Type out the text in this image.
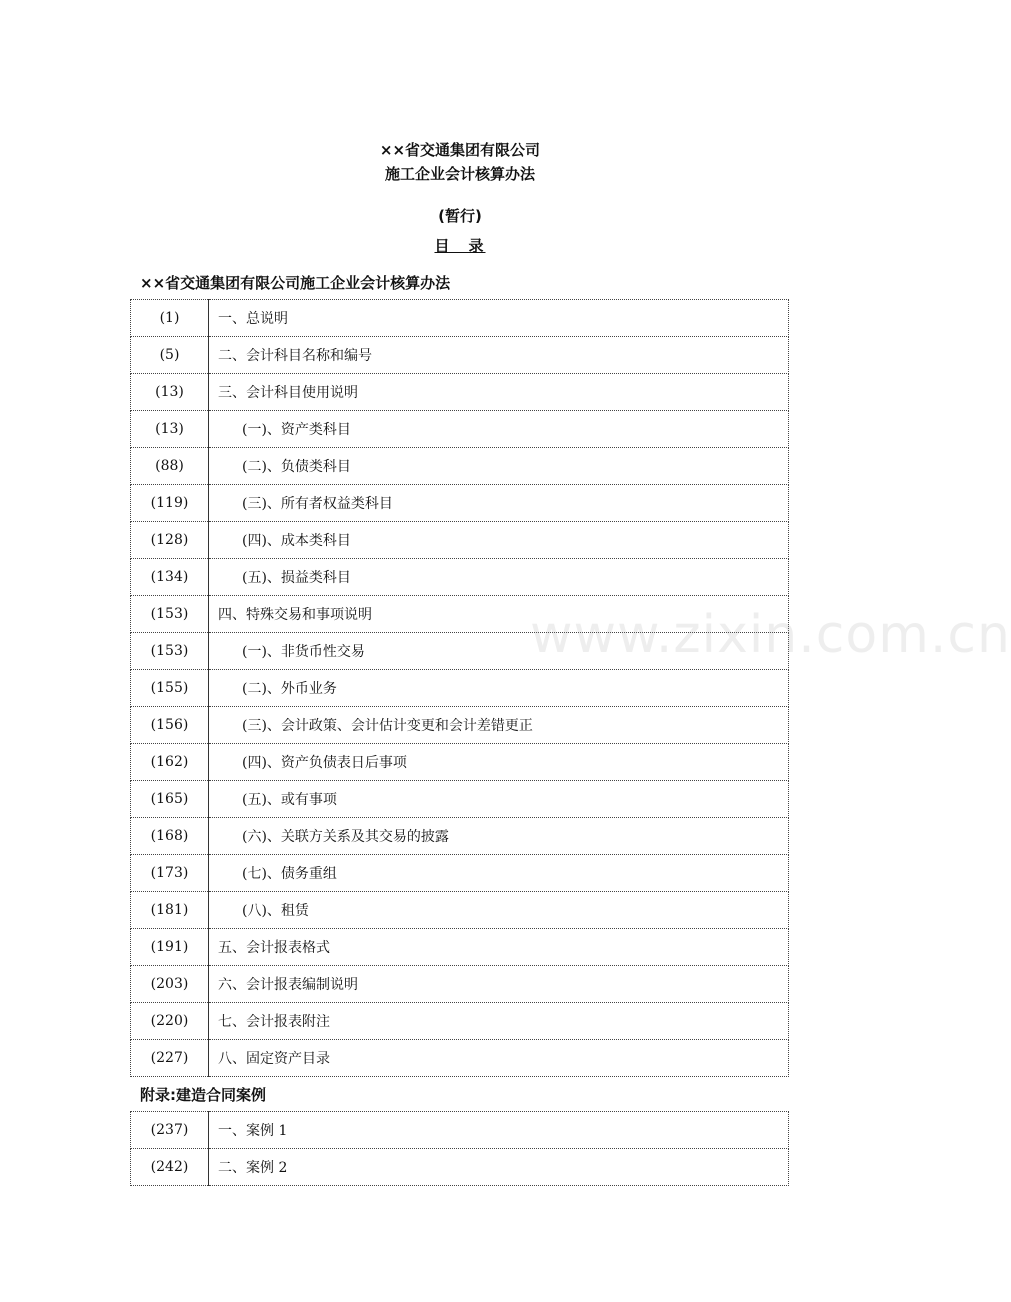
××省交通集团有限公司
施工企业会计核算办法
(暂行)
目　录
××省交通集团有限公司施工企业会计核算办法
(1)	一、总说明
(5)	二、会计科目名称和编号
(13)	三、会计科目使用说明
(13)	(一)、资产类科目
(88)	(二)、负债类科目
(119)	(三)、所有者权益类科目
(128)	(四)、成本类科目
(134)	(五)、损益类科目
(153)	四、特殊交易和事项说明
(153)	(一)、非货币性交易
(155)	(二)、外币业务
(156)	(三)、会计政策、会计估计变更和会计差错更正
(162)	(四)、资产负债表日后事项
(165)	(五)、或有事项
(168)	(六)、关联方关系及其交易的披露
(173)	(七)、债务重组
(181)	(八)、租赁
(191)	五、会计报表格式
(203)	六、会计报表编制说明
(220)	七、会计报表附注
(227)	八、固定资产目录
附录:建造合同案例
(237)	一、案例 1
(242)	二、案例 2
www.zixin.com.cn
